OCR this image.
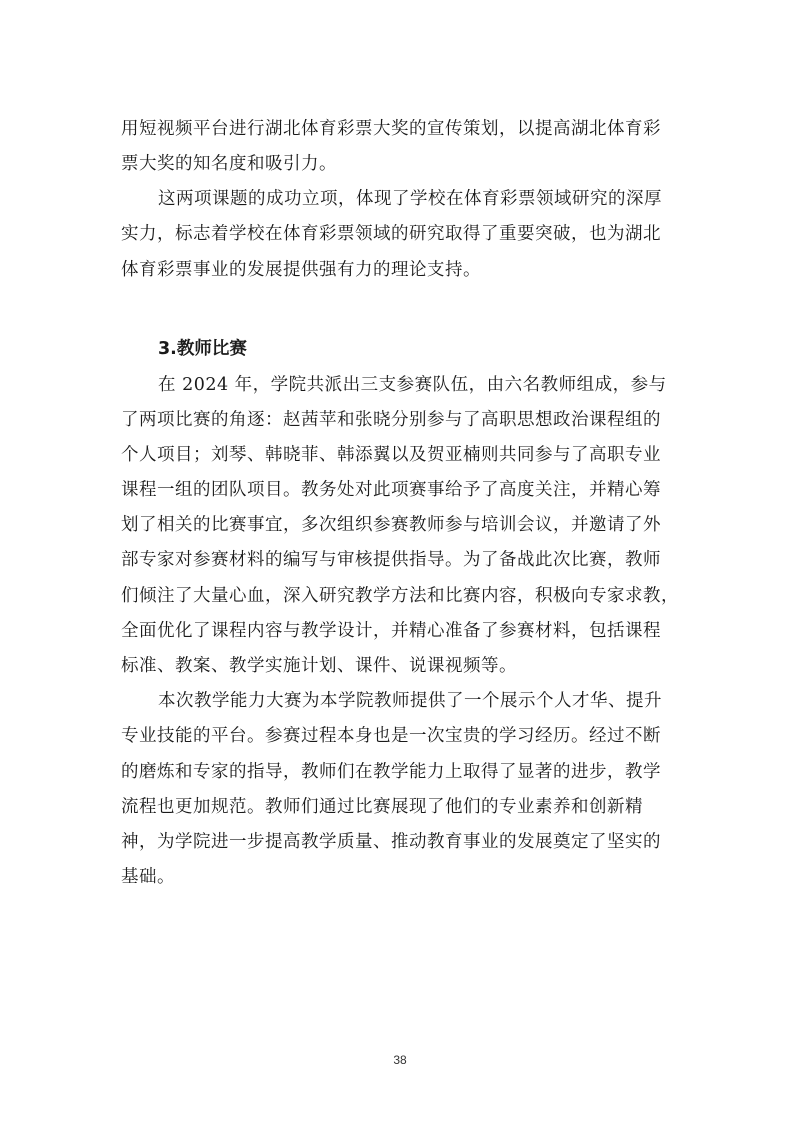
用短视频平台进行湖北体育彩票大奖的宣传策划，以提高湖北体育彩
票大奖的知名度和吸引力。
这两项课题的成功立项，体现了学校在体育彩票领域研究的深厚
实力，标志着学校在体育彩票领域的研究取得了重要突破，也为湖北
体育彩票事业的发展提供强有力的理论支持。
3.教师比赛
在 2024 年，学院共派出三支参赛队伍，由六名教师组成，参与
了两项比赛的角逐：赵茜苹和张晓分别参与了高职思想政治课程组的
个人项目；刘琴、韩晓菲、韩添翼以及贺亚楠则共同参与了高职专业
课程一组的团队项目。教务处对此项赛事给予了高度关注，并精心筹
划了相关的比赛事宜，多次组织参赛教师参与培训会议，并邀请了外
部专家对参赛材料的编写与审核提供指导。为了备战此次比赛，教师
们倾注了大量心血，深入研究教学方法和比赛内容，积极向专家求教，
全面优化了课程内容与教学设计，并精心准备了参赛材料，包括课程
标准、教案、教学实施计划、课件、说课视频等。
本次教学能力大赛为本学院教师提供了一个展示个人才华、提升
专业技能的平台。参赛过程本身也是一次宝贵的学习经历。经过不断
的磨炼和专家的指导，教师们在教学能力上取得了显著的进步，教学
流程也更加规范。教师们通过比赛展现了他们的专业素养和创新精
神，为学院进一步提高教学质量、推动教育事业的发展奠定了坚实的
基础。
38
